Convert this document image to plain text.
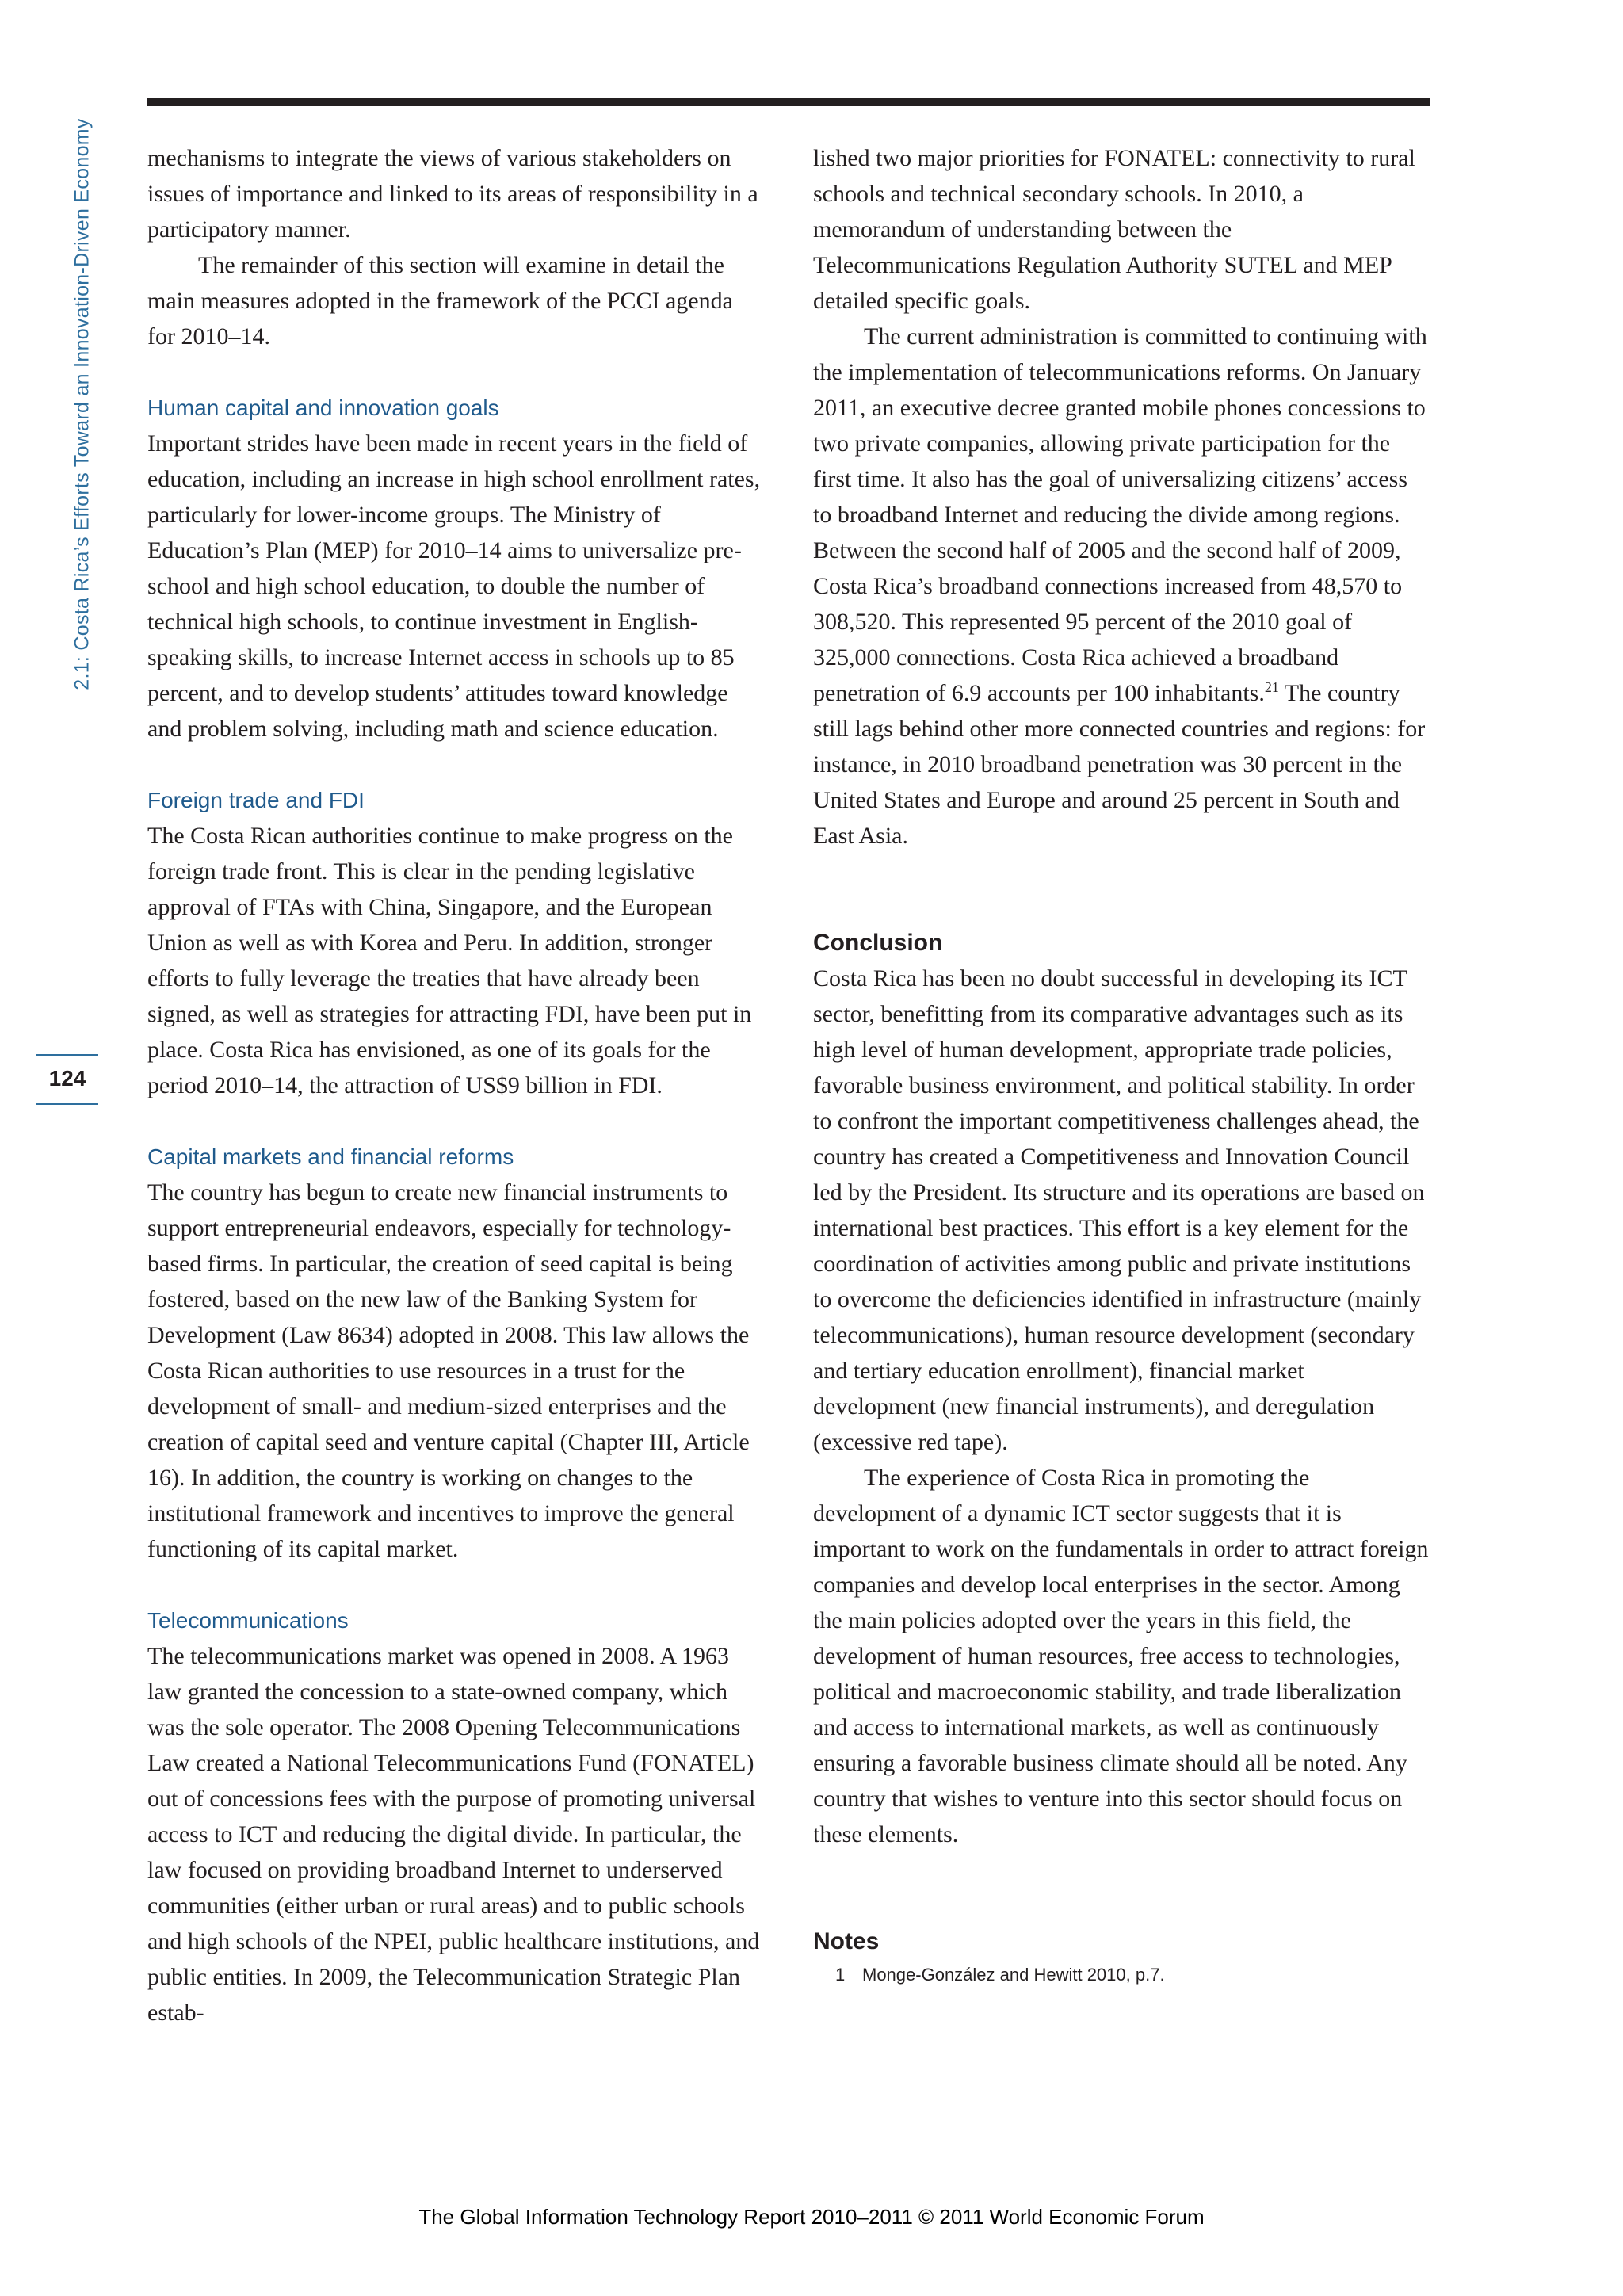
2.1: Costa Rica’s Efforts Toward an Innovation-Driven Economy
124

mechanisms to integrate the views of various stakeholders on issues of importance and linked to its areas of responsibility in a participatory manner.

The remainder of this section will examine in detail the main measures adopted in the framework of the PCCI agenda for 2010–14.

Human capital and innovation goals

Important strides have been made in recent years in the field of education, including an increase in high school enrollment rates, particularly for lower-income groups. The Ministry of Education’s Plan (MEP) for 2010–14 aims to universalize pre-school and high school education, to double the number of technical high schools, to continue investment in English-speaking skills, to increase Internet access in schools up to 85 percent, and to develop students’ attitudes toward knowledge and problem solving, including math and science education.

Foreign trade and FDI

The Costa Rican authorities continue to make progress on the foreign trade front. This is clear in the pending legislative approval of FTAs with China, Singapore, and the European Union as well as with Korea and Peru. In addition, stronger efforts to fully leverage the treaties that have already been signed, as well as strategies for attracting FDI, have been put in place. Costa Rica has envisioned, as one of its goals for the period 2010–14, the attraction of US$9 billion in FDI.

Capital markets and financial reforms

The country has begun to create new financial instruments to support entrepreneurial endeavors, especially for technology-based firms. In particular, the creation of seed capital is being fostered, based on the new law of the Banking System for Development (Law 8634) adopted in 2008. This law allows the Costa Rican authorities to use resources in a trust for the development of small- and medium-sized enterprises and the creation of capital seed and venture capital (Chapter III, Article 16). In addition, the country is working on changes to the institutional framework and incentives to improve the general functioning of its capital market.

Telecommunications

The telecommunications market was opened in 2008. A 1963 law granted the concession to a state-owned company, which was the sole operator. The 2008 Opening Telecommunications Law created a National Telecommunications Fund (FONATEL) out of concessions fees with the purpose of promoting universal access to ICT and reducing the digital divide. In particular, the law focused on providing broadband Internet to underserved communities (either urban or rural areas) and to public schools and high schools of the NPEI, public healthcare institutions, and public entities. In 2009, the Telecommunication Strategic Plan estab-

lished two major priorities for FONATEL: connectivity to rural schools and technical secondary schools. In 2010, a memorandum of understanding between the Telecommunications Regulation Authority SUTEL and MEP detailed specific goals.

The current administration is committed to continuing with the implementation of telecommunications reforms. On January 2011, an executive decree granted mobile phones concessions to two private companies, allowing private participation for the first time. It also has the goal of universalizing citizens’ access to broadband Internet and reducing the divide among regions. Between the second half of 2005 and the second half of 2009, Costa Rica’s broadband connections increased from 48,570 to 308,520. This represented 95 percent of the 2010 goal of 325,000 connections. Costa Rica achieved a broadband penetration of 6.9 accounts per 100 inhabitants.$^{21}$ The country still lags behind other more connected countries and regions: for instance, in 2010 broadband penetration was 30 percent in the United States and Europe and around 25 percent in South and East Asia.

Conclusion

Costa Rica has been no doubt successful in developing its ICT sector, benefitting from its comparative advantages such as its high level of human development, appropriate trade policies, favorable business environment, and political stability. In order to confront the important competitiveness challenges ahead, the country has created a Competitiveness and Innovation Council led by the President. Its structure and its operations are based on international best practices. This effort is a key element for the coordination of activities among public and private institutions to overcome the deficiencies identified in infrastructure (mainly telecommunications), human resource development (secondary and tertiary education enrollment), financial market development (new financial instruments), and deregulation (excessive red tape).

The experience of Costa Rica in promoting the development of a dynamic ICT sector suggests that it is important to work on the fundamentals in order to attract foreign companies and develop local enterprises in the sector. Among the main policies adopted over the years in this field, the development of human resources, free access to technologies, political and macroeconomic stability, and trade liberalization and access to international markets, as well as continuously ensuring a favorable business climate should all be noted. Any country that wishes to venture into this sector should focus on these elements.

Notes
1 Monge-González and Hewitt 2010, p.7.
The Global Information Technology Report 2010–2011 © 2011 World Economic Forum
